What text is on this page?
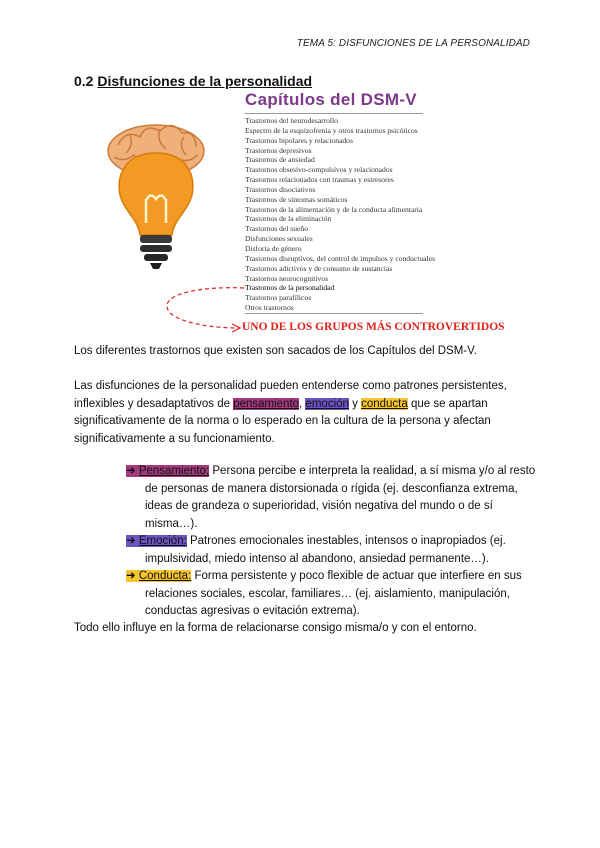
TEMA 5: DISFUNCIONES DE LA PERSONALIDAD
0.2 Disfunciones de la personalidad
Capítulos del DSM-V
Trastornos del neurodesarrollo
Espectro de la esquizofrenia y otros trastornos psicóticos
Trastornos bipolares y relacionados
Trastornos depresivos
Trastornos de ansiedad
Trastornos obsesivo-compulsivos y relacionados
Trastornos relacionados con traumas y estresores
Trastornos disociativos
Trastornos de síntomas somáticos
Trastornos de la alimentación y de la conducta alimentaria
Trastornos de la eliminación
Trastornos del sueño
Disfunciones sexuales
Disforia de género
Trastornos disruptivos, del control de impulsos y conductuales
Trastornos adictivos y de consumo de sustancias
Trastornos neurocognitivos
Trastornos de la personalidad
Trastornos parafílicos
Otros trastornos
UNO DE LOS GRUPOS MÁS CONTROVERTIDOS
Los diferentes trastornos que existen son sacados de los Capítulos del DSM-V.
Las disfunciones de la personalidad pueden entenderse como patrones persistentes,
inflexibles y desadaptativos de pensamiento, emoción y conducta que se apartan
significativamente de la norma o lo esperado en la cultura de la persona y afectan
significativamente a su funcionamiento.
➜ Pensamiento: Persona percibe e interpreta la realidad, a sí misma y/o al resto
de personas de manera distorsionada o rígida (ej. desconfianza extrema,
ideas de grandeza o superioridad, visión negativa del mundo o de sí
misma…).
➜ Emoción: Patrones emocionales inestables, intensos o inapropiados (ej.
impulsividad, miedo intenso al abandono, ansiedad permanente…).
➜ Conducta: Forma persistente y poco flexible de actuar que interfiere en sus
relaciones sociales, escolar, familiares… (ej. aislamiento, manipulación,
conductas agresivas o evitación extrema).
Todo ello influye en la forma de relacionarse consigo misma/o y con el entorno.
